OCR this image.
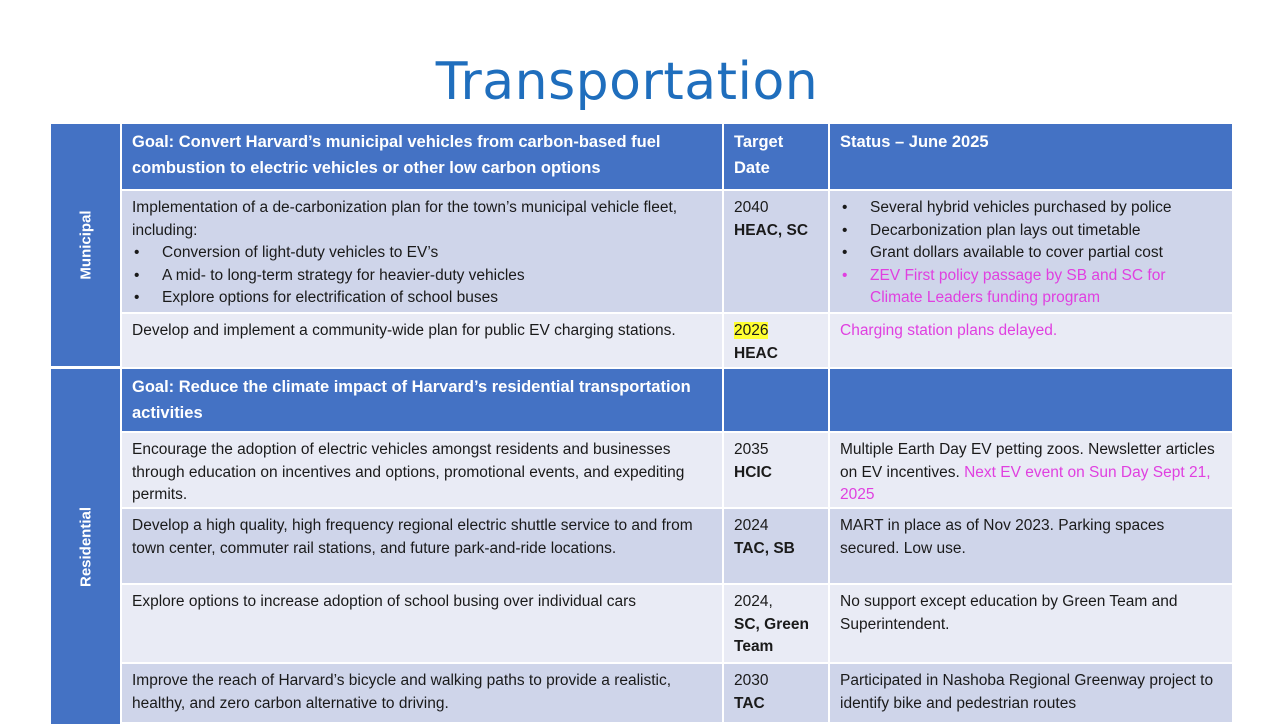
Transportation
Municipal
Goal: Convert Harvard’s municipal vehicles from carbon-based fuel combustion to electric vehicles or other low carbon options
Target Date
Status – June 2025
Implementation of a de-carbonization plan for the town’s municipal vehicle fleet, including:
• Conversion of light-duty vehicles to EV’s
• A mid- to long-term strategy for heavier-duty vehicles
• Explore options for electrification of school buses
2040
HEAC, SC
• Several hybrid vehicles purchased by police
• Decarbonization plan lays out timetable
• Grant dollars available to cover partial cost
• ZEV First policy passage by SB and SC for Climate Leaders funding program
Develop and implement a community-wide plan for public EV charging stations.	2026
HEAC
Charging station plans delayed.
Residential
Goal: Reduce the climate impact of Harvard’s residential transportation activities
Encourage the adoption of electric vehicles amongst residents and businesses through education on incentives and options, promotional events, and expediting permits.
2035
HCIC
Multiple Earth Day EV petting zoos. Newsletter articles on EV incentives. Next EV event on Sun Day Sept 21, 2025
Develop a high quality, high frequency regional electric shuttle service to and from town center, commuter rail stations, and future park-and-ride locations.
2024
TAC, SB
MART in place as of Nov 2023. Parking spaces secured. Low use.
Explore options to increase adoption of school busing over individual cars	2024,
SC, Green Team
No support except education by Green Team and Superintendent.
Improve the reach of Harvard’s bicycle and walking paths to provide a realistic, healthy, and zero carbon alternative to driving.
2030
TAC
Participated in Nashoba Regional Greenway project to identify bike and pedestrian routes
